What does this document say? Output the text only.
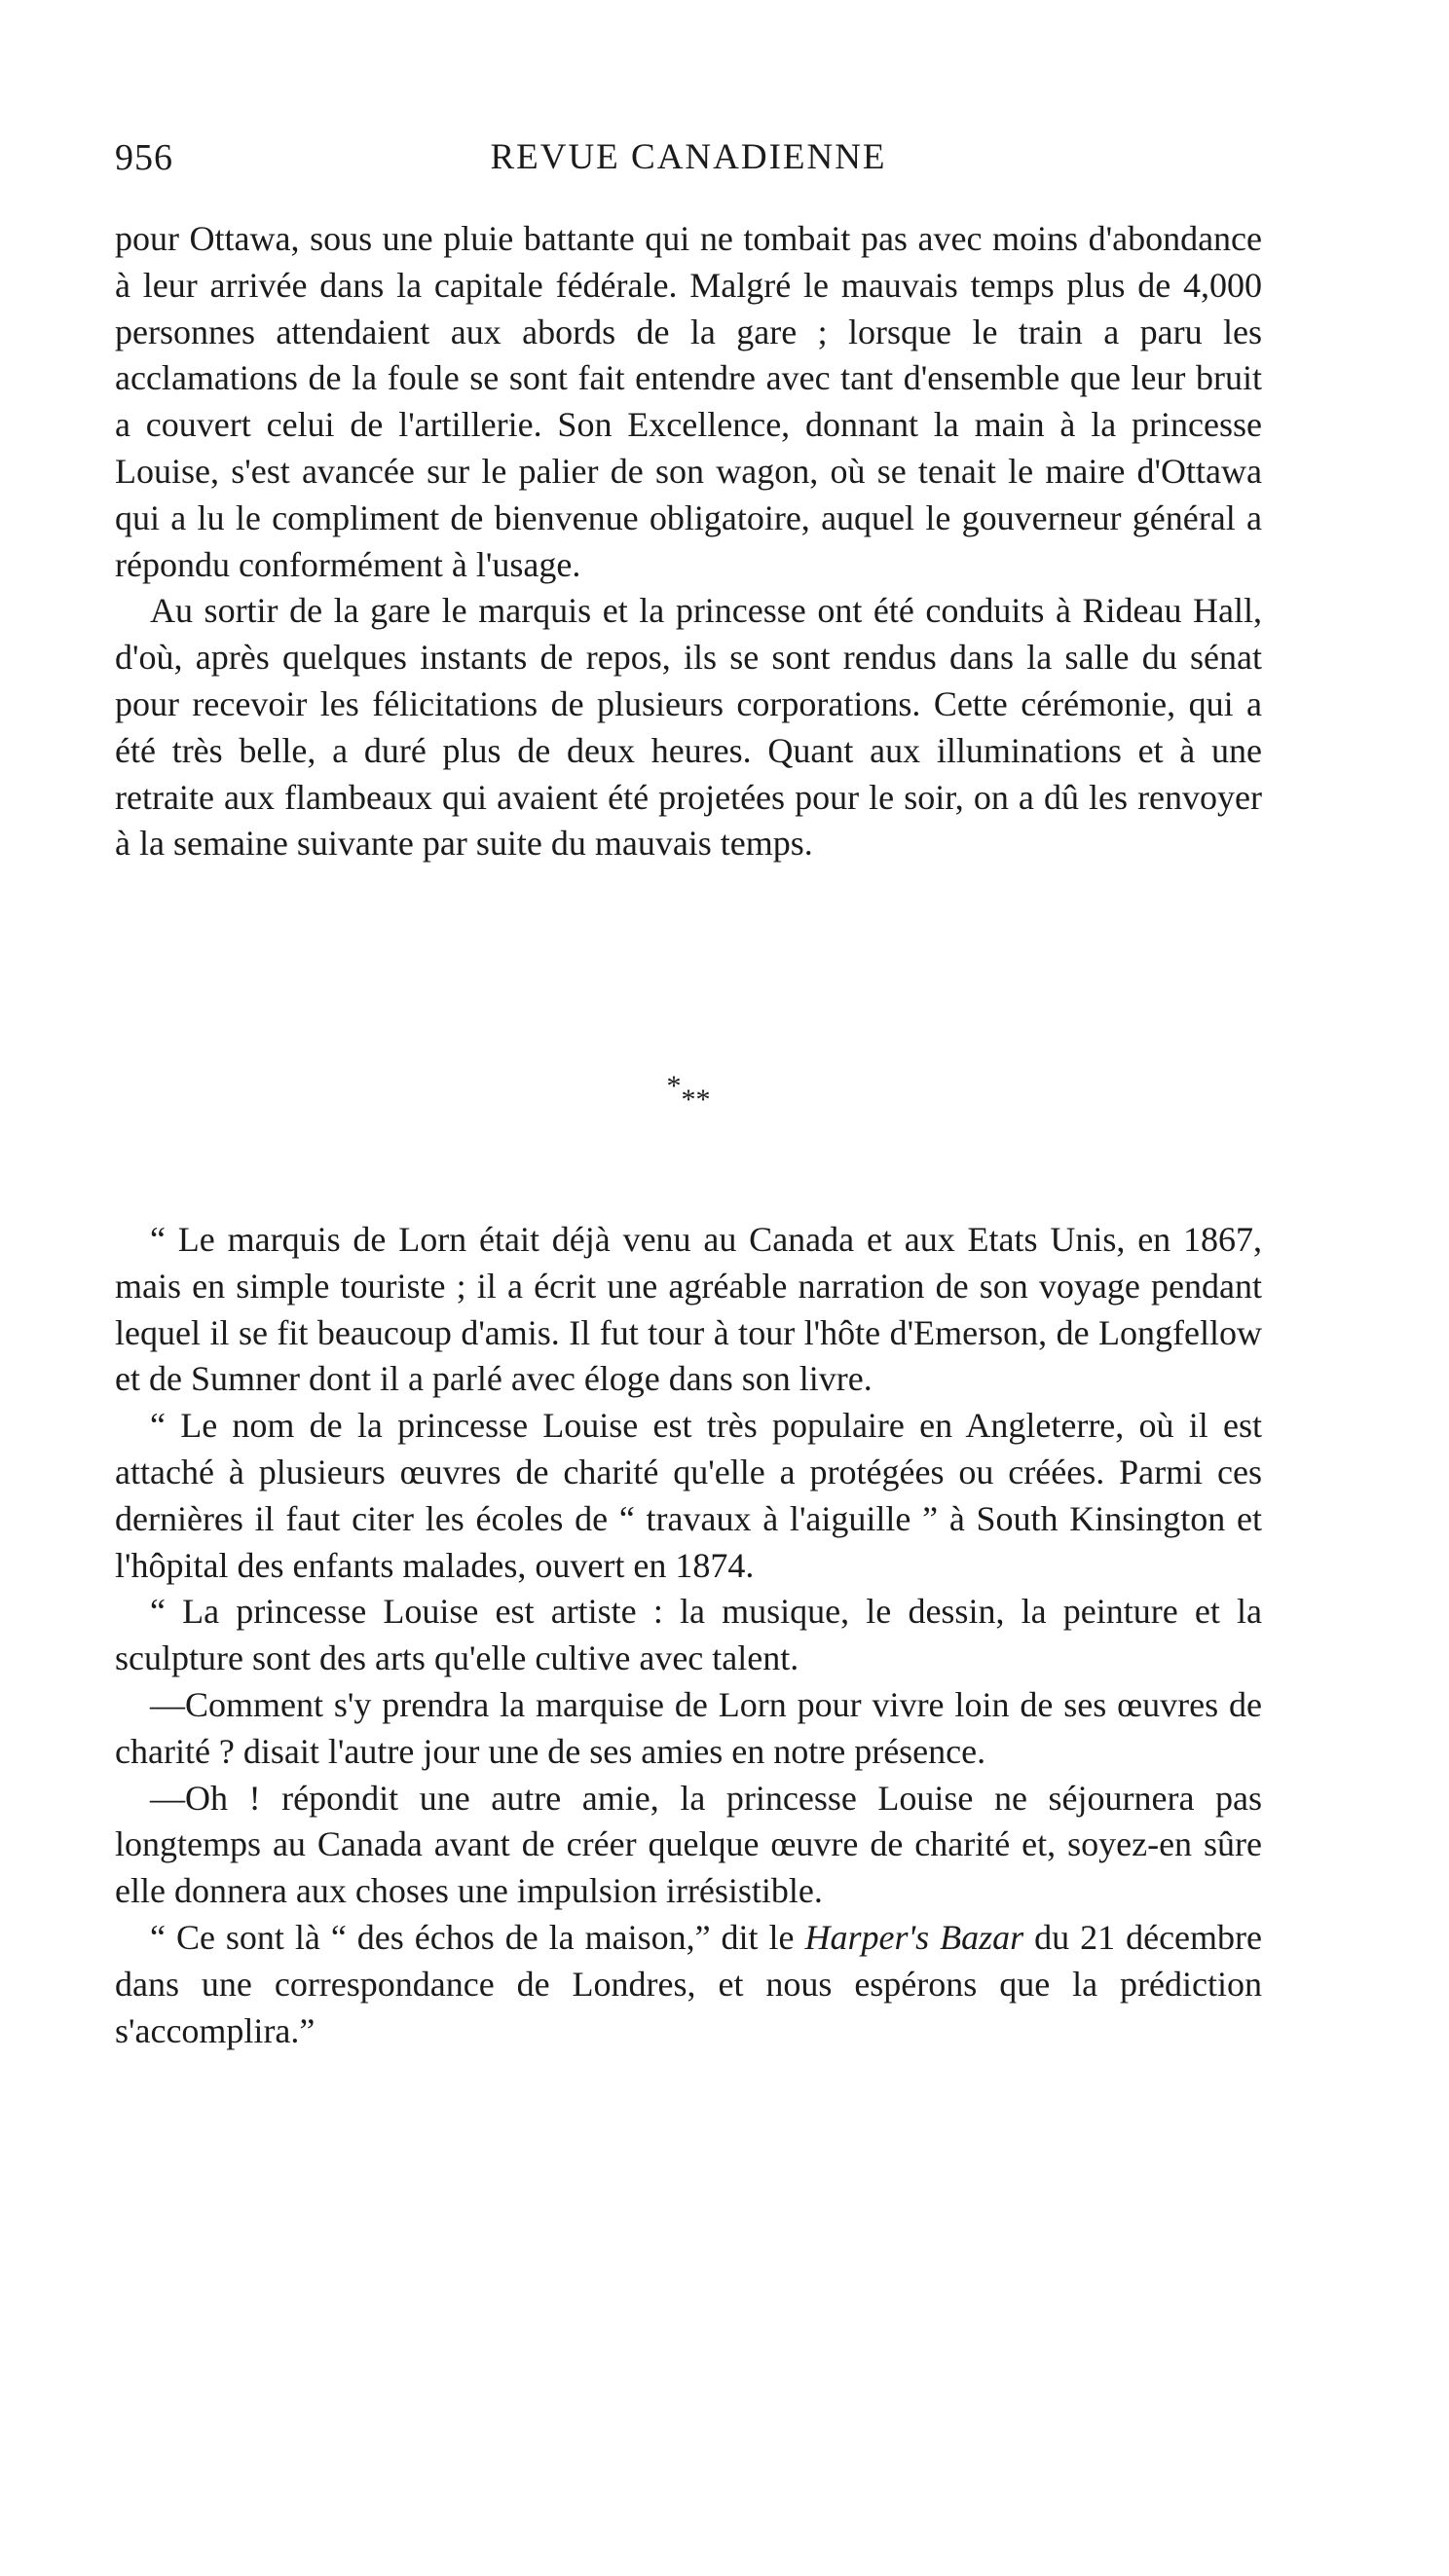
956	REVUE CANADIENNE

pour Ottawa, sous une pluie battante qui ne tombait pas avec moins d'abondance à leur arrivée dans la capitale fédérale. Malgré le mauvais temps plus de 4,000 personnes attendaient aux abords de la gare ; lorsque le train a paru les acclamations de la foule se sont fait entendre avec tant d'ensemble que leur bruit a couvert celui de l'artillerie. Son Excellence, donnant la main à la princesse Louise, s'est avancée sur le palier de son wagon, où se tenait le maire d'Ottawa qui a lu le compliment de bienvenue obligatoire, auquel le gouverneur général a répondu conformément à l'usage.

Au sortir de la gare le marquis et la princesse ont été conduits à Rideau Hall, d'où, après quelques instants de repos, ils se sont rendus dans la salle du sénat pour recevoir les félicitations de plusieurs corporations. Cette cérémonie, qui a été très belle, a duré plus de deux heures. Quant aux illuminations et à une retraite aux flambeaux qui avaient été projetées pour le soir, on a dû les renvoyer à la semaine suivante par suite du mauvais temps.

***

“ Le marquis de Lorn était déjà venu au Canada et aux Etats Unis, en 1867, mais en simple touriste ; il a écrit une agréable narration de son voyage pendant lequel il se fit beaucoup d'amis. Il fut tour à tour l'hôte d'Emerson, de Longfellow et de Sumner dont il a parlé avec éloge dans son livre.

“ Le nom de la princesse Louise est très populaire en Angleterre, où il est attaché à plusieurs œuvres de charité qu'elle a protégées ou créées. Parmi ces dernières il faut citer les écoles de “ travaux à l'aiguille ” à South Kinsington et l'hôpital des enfants malades, ouvert en 1874.

“ La princesse Louise est artiste : la musique, le dessin, la peinture et la sculpture sont des arts qu'elle cultive avec talent.

—Comment s'y prendra la marquise de Lorn pour vivre loin de ses œuvres de charité ? disait l'autre jour une de ses amies en notre présence.

—Oh ! répondit une autre amie, la princesse Louise ne séjournera pas longtemps au Canada avant de créer quelque œuvre de charité et, soyez-en sûre elle donnera aux choses une impulsion irrésistible.

“ Ce sont là “ des échos de la maison,” dit le Harper's Bazar du 21 décembre dans une correspondance de Londres, et nous espérons que la prédiction s'accomplira.”
